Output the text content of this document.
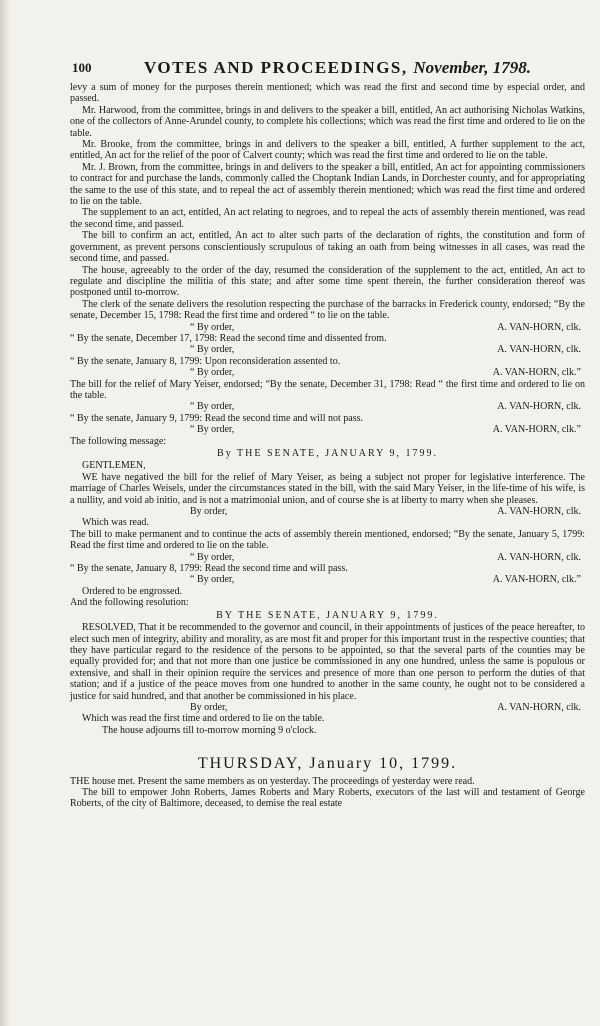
100	VOTES AND PROCEEDINGS, November, 1798.

levy a sum of money for the purposes therein mentioned; which was read the first and second time by especial order, and passed.

Mr. Harwood, from the committee, brings in and delivers to the speaker a bill, entitled, An act authorising Nicholas Watkins, one of the collectors of Anne-Arundel county, to complete his collections; which was read the first time and ordered to lie on the table.

Mr. Brooke, from the committee, brings in and delivers to the speaker a bill, entitled, A further supplement to the act, entitled, An act for the relief of the poor of Calvert county; which was read the first time and ordered to lie on the table.

Mr. J. Brown, from the committee, brings in and delivers to the speaker a bill, entitled, An act for appointing commissioners to contract for and purchase the lands, commonly called the Choptank Indian Lands, in Dorchester county, and for appropriating the same to the use of this state, and to repeal the act of assembly therein mentioned; which was read the first time and ordered to lie on the table.

The supplement to an act, entitled, An act relating to negroes, and to repeal the acts of assembly therein mentioned, was read the second time, and passed.

The bill to confirm an act, entitled, An act to alter such parts of the declaration of rights, the constitution and form of government, as prevent persons conscientiously scrupulous of taking an oath from being witnesses in all cases, was read the second time, and passed.

The house, agreeably to the order of the day, resumed the consideration of the supplement to the act, entitled, An act to regulate and discipline the militia of this state; and after some time spent therein, the further consideration thereof was postponed until to-morrow.

The clerk of the senate delivers the resolution respecting the purchase of the barracks in Frederick county, endorsed; “By the senate, December 15, 1798: Read the first time and ordered “ to lie on the table.

“ By order,	A. VAN-HORN, clk.

“ By the senate, December 17, 1798: Read the second time and dissented from.

“ By order,	A. VAN-HORN, clk.

“ By the senate, January 8, 1799: Upon reconsideration assented to.

“ By order,	A. VAN-HORN, clk.”

The bill for the relief of Mary Yeiser, endorsed; “By the senate, December 31, 1798: Read “ the first time and ordered to lie on the table.

“ By order,	A. VAN-HORN, clk.

“ By the senate, January 9, 1799: Read the second time and will not pass.

“ By order,	A. VAN-HORN, clk.”

The following message:

By THE SENATE, JANUARY 9, 1799.

GENTLEMEN,

WE have negatived the bill for the relief of Mary Yeiser, as being a subject not proper for legislative interference. The marriage of Charles Weisels, under the circumstances stated in the bill, with the said Mary Yeiser, in the life-time of his wife, is a nullity, and void ab initio, and is not a matrimonial union, and of course she is at liberty to marry when she pleases.

By order,	A. VAN-HORN, clk.

Which was read.

The bill to make permanent and to continue the acts of assembly therein mentioned, endorsed; “By the senate, January 5, 1799: Read the first time and ordered to lie on the table.

“ By order,	A. VAN-HORN, clk.

“ By the senate, January 8, 1799: Read the second time and will pass.

“ By order,	A. VAN-HORN, clk.”

Ordered to be engrossed.

And the following resolution:

BY THE SENATE, JANUARY 9, 1799.

RESOLVED, That it be recommended to the governor and council, in their appointments of justices of the peace hereafter, to elect such men of integrity, ability and morality, as are most fit and proper for this important trust in the respective counties; that they have particular regard to the residence of the persons to be appointed, so that the several parts of the counties may be equally provided for; and that not more than one justice be commissioned in any one hundred, unless the same is populous or extensive, and shall in their opinion require the services and presence of more than one person to perform the duties of that station; and if a justice of the peace moves from one hundred to another in the same county, he ought not to be considered a justice for said hundred, and that another be commissioned in his place.

By order,	A. VAN-HORN, clk.

Which was read the first time and ordered to lie on the table.

The house adjourns till to-morrow morning 9 o'clock.

THURSDAY, January 10, 1799.

THE house met. Present the same members as on yesterday. The proceedings of yesterday were read.

The bill to empower John Roberts, James Roberts and Mary Roberts, executors of the last will and testament of George Roberts, of the city of Baltimore, deceased, to demise the real estate
